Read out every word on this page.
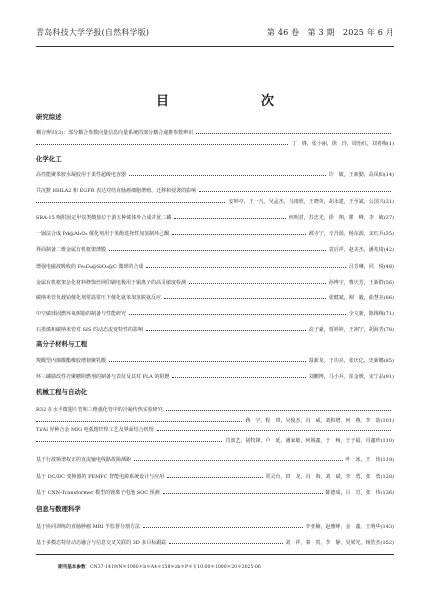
青岛科技大学学报(自然科学版)	第 46 卷　第 3 期　2025 年 6 月
目　　次
研究综述
耦合辨识(3)：部分耦合参数向量信息向量系统的部分耦合递推参数辨识
丁　锋，张小丽，徐　玲，周怡红，刘喜梅(1)
化学化工
高性能聚苯胺水凝胶用于柔性超级电容器	许　敏，王新勤，高凤仙(14)
共沉默 HHLA2 和 EGFR 表达对结直肠癌细胞增殖、迁移和侵袭的影响
安婷亭，王一凡，吴孟杰，马雨欣，王晓英，胡永建，王至斌，公国兴(21)
SBA-15 吸附固定甲烷类酸盐位于游五种烯体外合成并优二磷	何明君，苏忠光，徐　翔，瞿　峰，李　敏(27)
一锅法合成 Pd@Al₂O₃ 催化剂用于苯酚选择性加氢制环己酮	郝寺宁，辛丹源，杨东源，宋红兵(35)
界面制备二维金属有机框架薄膜	袁启祥，赵美杰，潘兆琦(42)
增强电磁波吸收的 Fe₃O₄@SiO₂@C 微球的合成	吕芳琳，同　悦(48)
金属有机框架杂化材料修饰丝网印刷电极用于铜离子的高灵敏度检测	孙博宇，曹庆芳，王新群(56)
碳纳米管负载铂催化剂常温常压下催化氨苯加氢脱氨反应	张健斌，刚　毅，曲慧亮(66)
中空碳球固燃环氧树脂的制备与性能研究	全文新，陈梅梅(71)
石墨烯和碳纳米管对 SIS 的动态流变特性的影响	高子豪，贾婷婷，王翊宁，胡海青(78)
高分子材料与工程
羧酸型丙烯酸酯橡胶增韧聚乳酸	温新龙，王功亮，张庆亿，史新娜(85)
环三磷腈改性壳聚糖阻燃剂的制备与表征及其对 PLA 的阻燃	刘鹏博，马小兵，崔金媛，宋宁品(91)
机械工程与自动化
R32 在水平微翅片管和三维强化管中的冷凝传热实验研究
蒋　宇，程　琪，吴俊杰，冯　威，刘柏增，何　燕，李　韵(101)
Ti/Al 异种合金 MIG 电弧熔钎焊工艺及界面结合机理
肖波艺，胡牧锋，卢　延，潘家敏，何锡鑫，于　畅，王子福，肖鑫珍(110)
基于行波频谱权正的直流输电线路故障测距	叶　冰，王　伟(119)
基于 DC/DC 变换器的 PEMFC 智能电源系统设计与应用	常灵台，田　龙，冯　海，刘　斌，李　勇，张　勇(128)
基于 CNN-Transformer 模型的锂离子电池 SOC 预测	陈德成，吕　岩，张　伟(136)
信息与数理科学
基于协同训练的直肠肿瘤 MRI 半监督分割方法	李亚楠，赵雅峥，金　鑫，王明华(143)
基于多模态特征动态融合与信息交叉关联的 3D 多目标跟踪	刘　祥，秦　贺，李　静，吴梁光，杨浩杰(152)
期刊基本参数：CN37-1419/N＊1980＊b＊A4＊158＊zh＊P＊￥10.00＊1000＊20＊2025-06
